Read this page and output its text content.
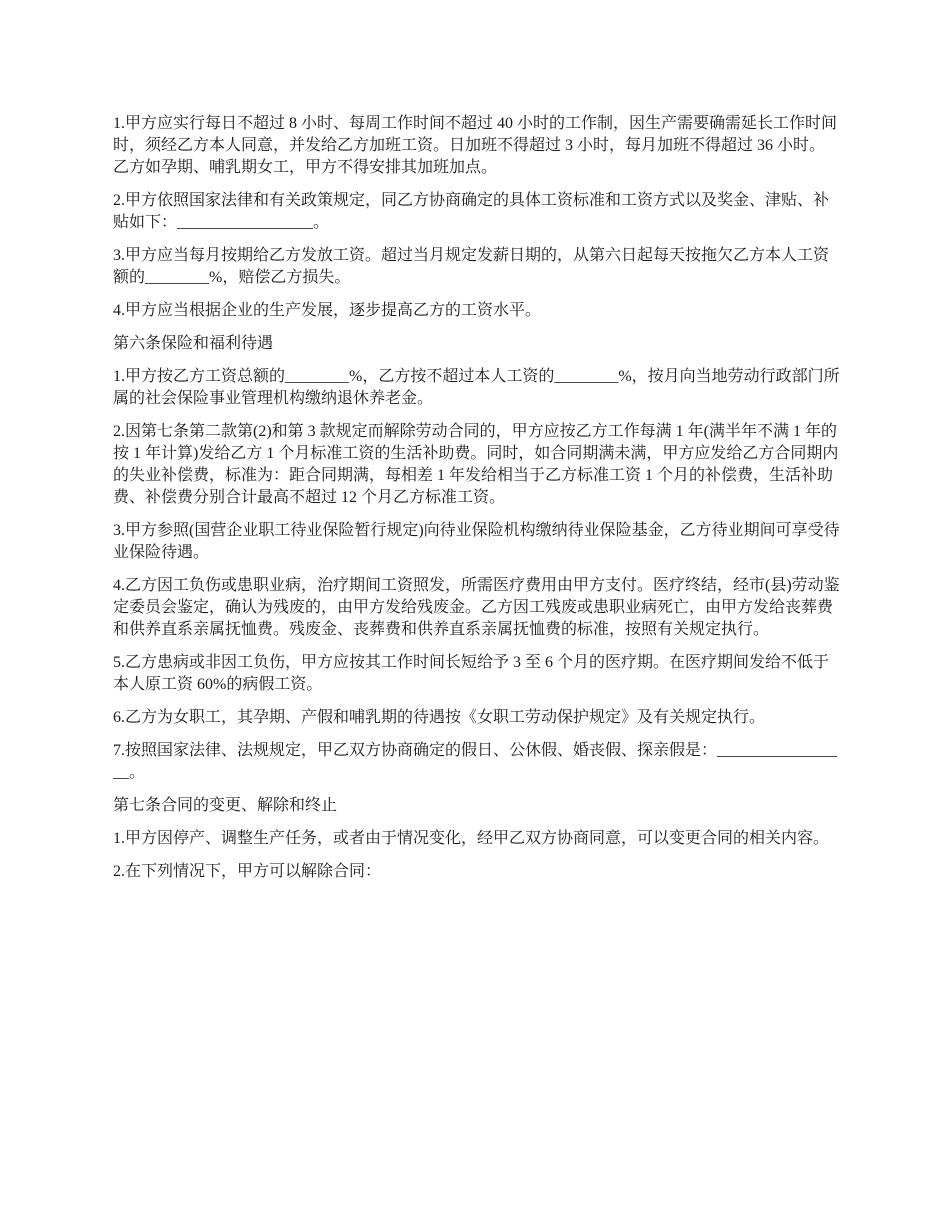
1.甲方应实行每日不超过 8 小时、每周工作时间不超过 40 小时的工作制，因生产需要确需延长工作时间时，须经乙方本人同意，并发给乙方加班工资。日加班不得超过 3 小时，每月加班不得超过 36 小时。乙方如孕期、哺乳期女工，甲方不得安排其加班加点。

2.甲方依照国家法律和有关政策规定，同乙方协商确定的具体工资标准和工资方式以及奖金、津贴、补贴如下：_________________。

3.甲方应当每月按期给乙方发放工资。超过当月规定发薪日期的，从第六日起每天按拖欠乙方本人工资额的________%，赔偿乙方损失。

4.甲方应当根据企业的生产发展，逐步提高乙方的工资水平。

第六条保险和福利待遇

1.甲方按乙方工资总额的________%，乙方按不超过本人工资的________%，按月向当地劳动行政部门所属的社会保险事业管理机构缴纳退休养老金。

2.因第七条第二款第(2)和第 3 款规定而解除劳动合同的，甲方应按乙方工作每满 1 年(满半年不满 1 年的按 1 年计算)发给乙方 1 个月标准工资的生活补助费。同时，如合同期满未满，甲方应发给乙方合同期内的失业补偿费，标准为：距合同期满，每相差 1 年发给相当于乙方标准工资 1 个月的补偿费，生活补助费、补偿费分别合计最高不超过 12 个月乙方标准工资。

3.甲方参照(国营企业职工待业保险暂行规定)向待业保险机构缴纳待业保险基金，乙方待业期间可享受待业保险待遇。

4.乙方因工负伤或患职业病，治疗期间工资照发，所需医疗费用由甲方支付。医疗终结，经市(县)劳动鉴定委员会鉴定，确认为残废的，由甲方发给残废金。乙方因工残废或患职业病死亡，由甲方发给丧葬费和供养直系亲属抚恤费。残废金、丧葬费和供养直系亲属抚恤费的标准，按照有关规定执行。

5.乙方患病或非因工负伤，甲方应按其工作时间长短给予 3 至 6 个月的医疗期。在医疗期间发给不低于本人原工资 60%的病假工资。

6.乙方为女职工，其孕期、产假和哺乳期的待遇按《女职工劳动保护规定》及有关规定执行。

7.按照国家法律、法规规定，甲乙双方协商确定的假日、公休假、婚丧假、探亲假是：_________________。

第七条合同的变更、解除和终止

1.甲方因停产、调整生产任务，或者由于情况变化，经甲乙双方协商同意，可以变更合同的相关内容。

2.在下列情况下，甲方可以解除合同：
